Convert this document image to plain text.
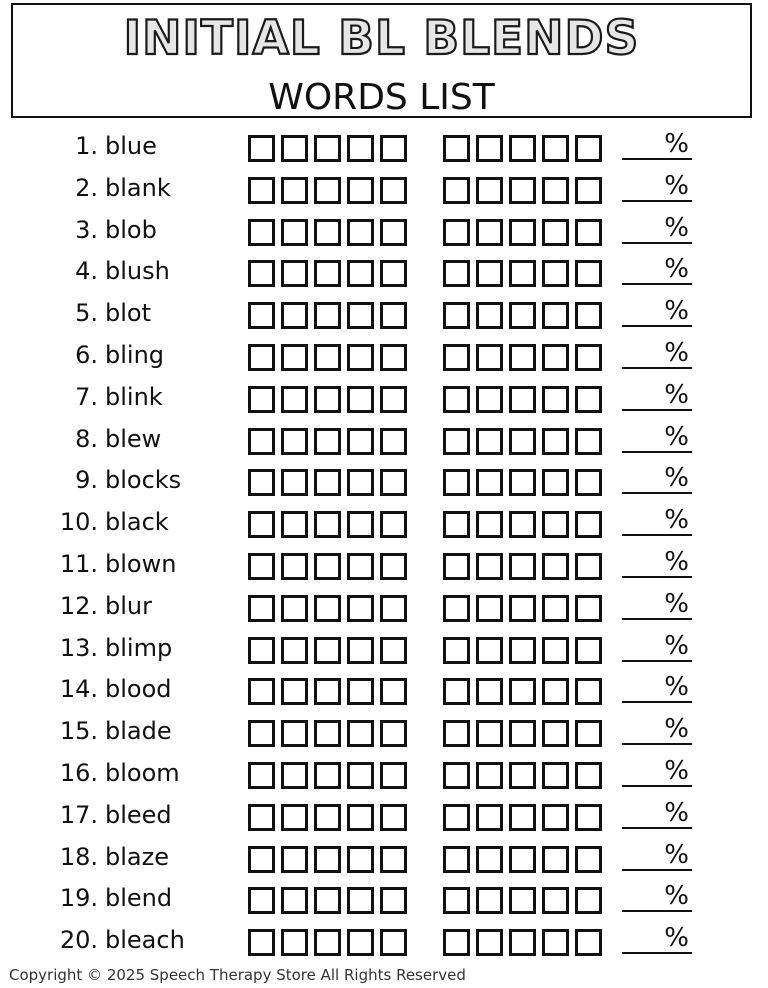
INITIAL BL BLENDS
WORDS LIST
1. blue	%
2. blank	%
3. blob	%
4. blush	%
5. blot	%
6. bling	%
7. blink	%
8. blew	%
9. blocks	%
10. black	%
11. blown	%
12. blur	%
13. blimp	%
14. blood	%
15. blade	%
16. bloom	%
17. bleed	%
18. blaze	%
19. blend	%
20. bleach	%
Copyright © 2025 Speech Therapy Store All Rights Reserved
